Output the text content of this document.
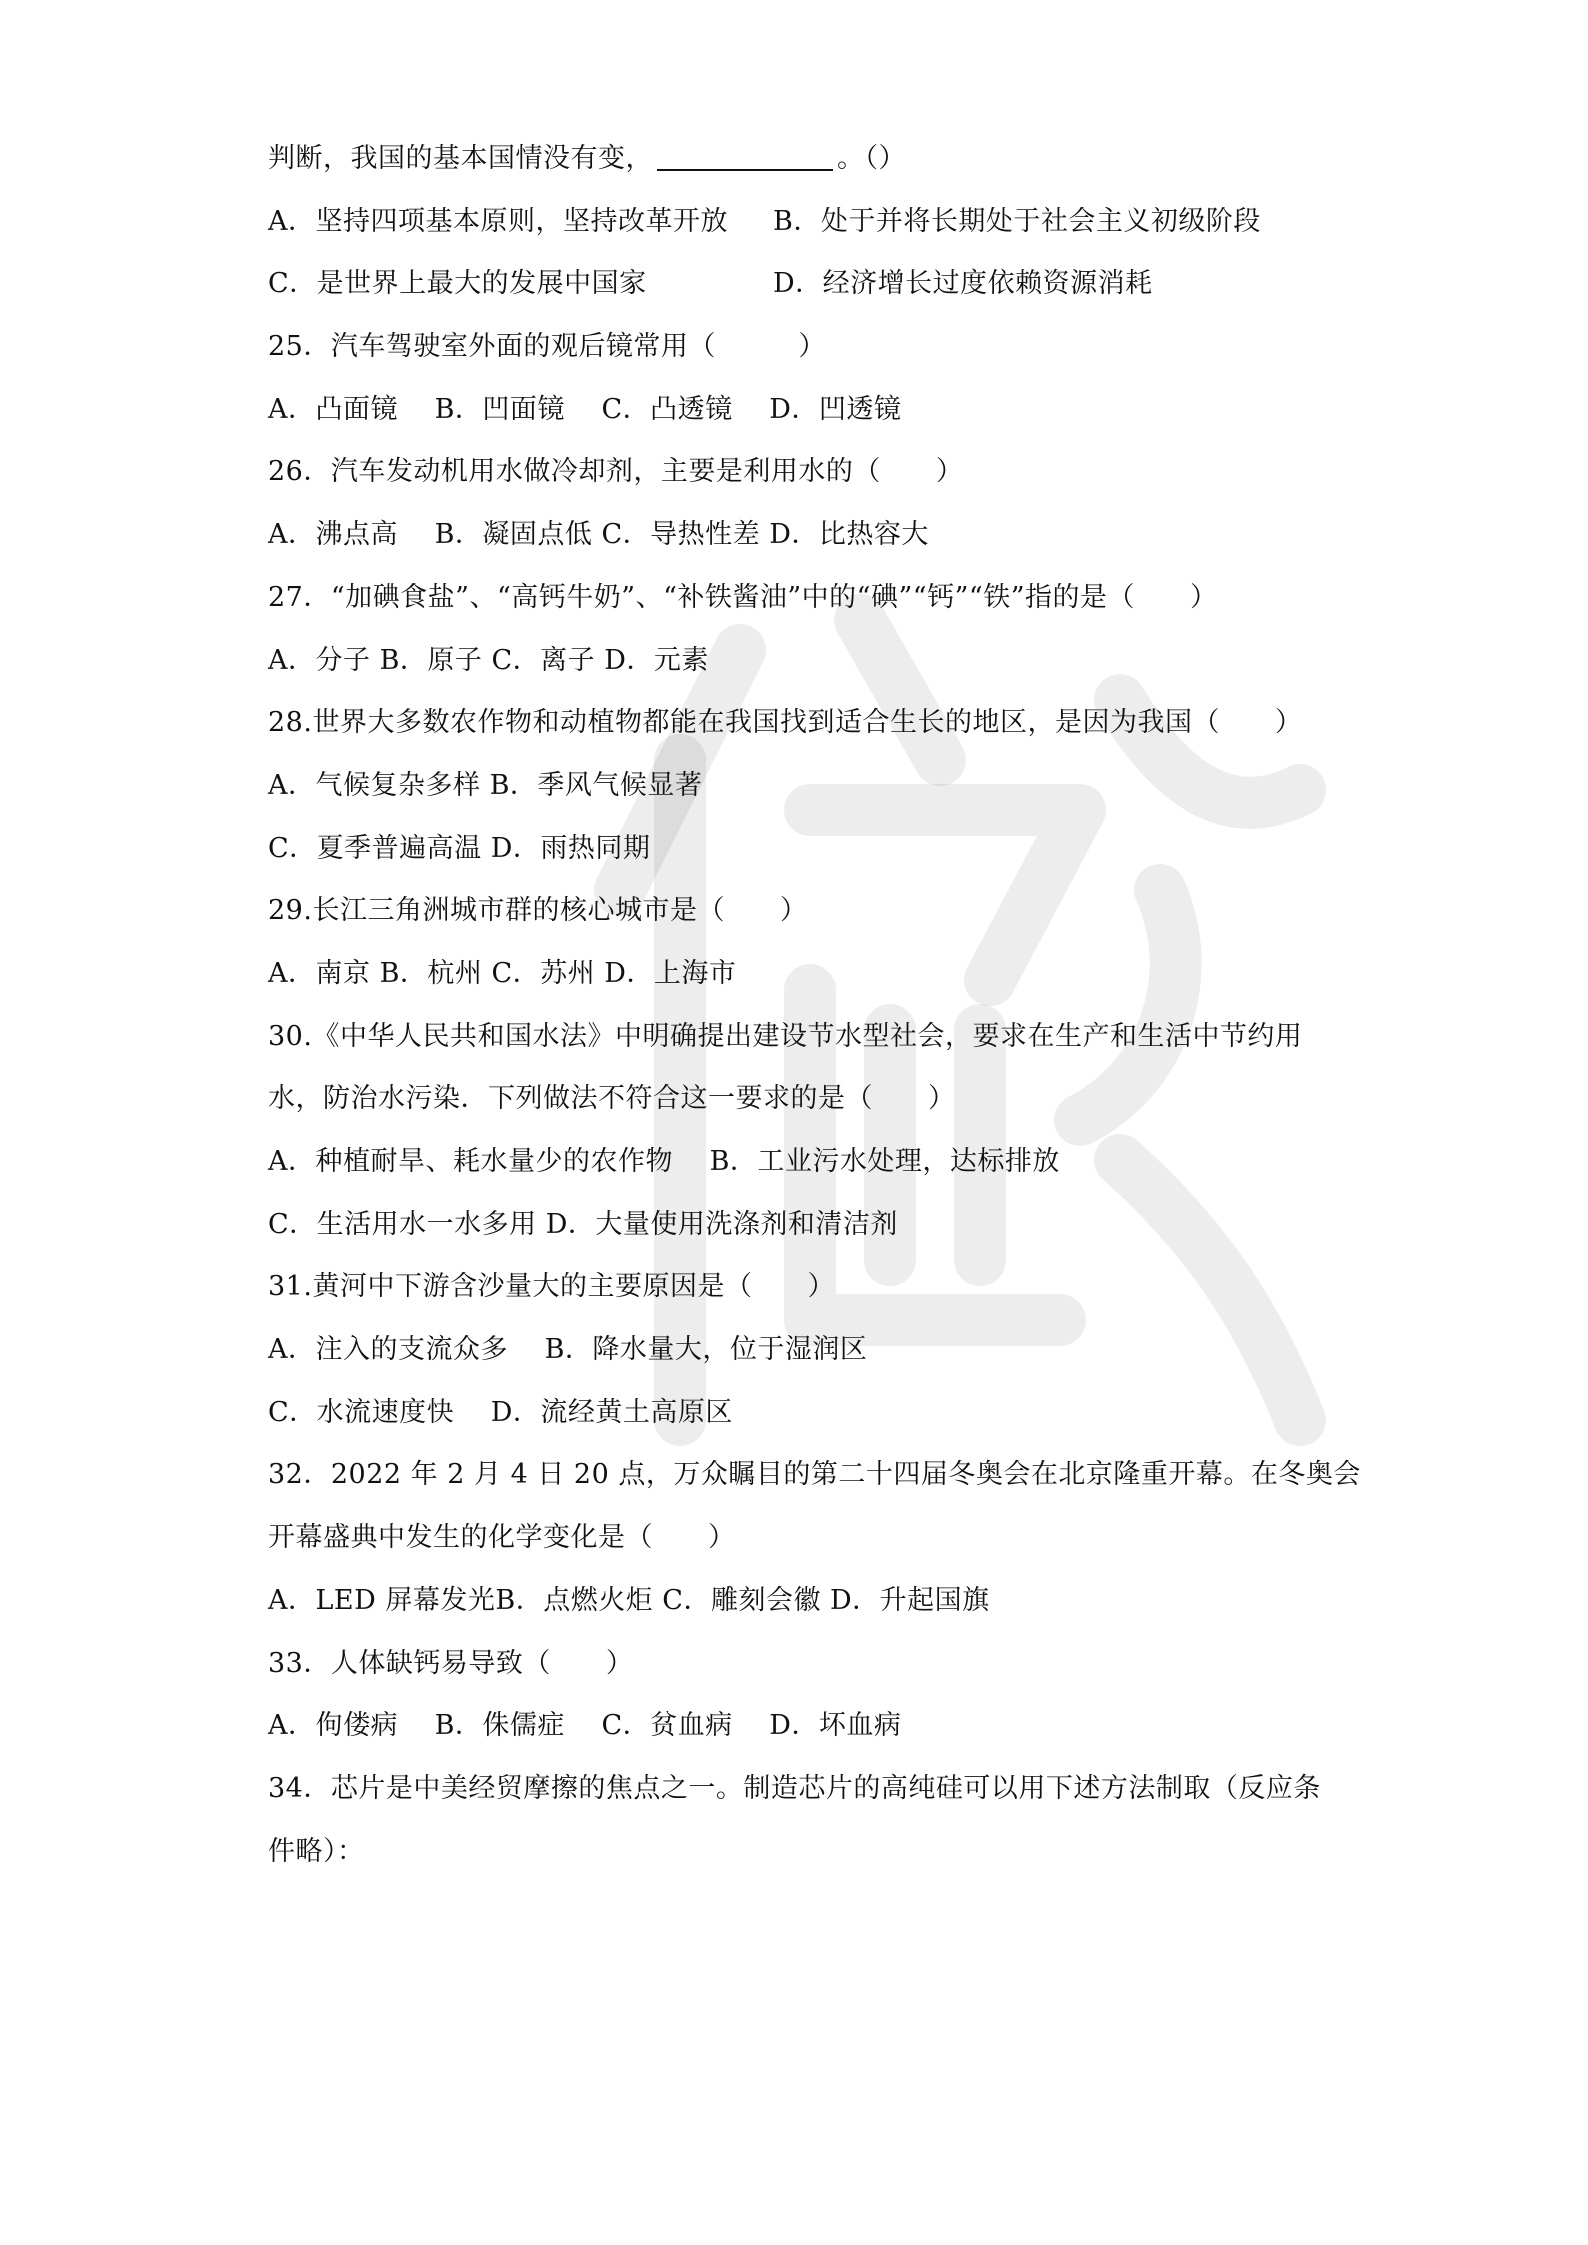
判断，我国的基本国情没有变，	。（）
A．坚持四项基本原则，坚持改革开放 B．处于并将长期处于社会主义初级阶段
C．是世界上最大的发展中国家	D．经济增长过度依赖资源消耗
25．汽车驾驶室外面的观后镜常用（　　　）
A．凸面镜　 B．凹面镜　 C．凸透镜　 D．凹透镜
26．汽车发动机用水做冷却剂，主要是利用水的（　　）
A．沸点高　 B．凝固点低 C．导热性差 D．比热容大
27．“加碘食盐”、“高钙牛奶”、“补铁酱油”中的“碘”“钙”“铁”指的是（　　）
A．分子 B．原子 C．离子 D．元素
28.世界大多数农作物和动植物都能在我国找到适合生长的地区，是因为我国（　　）
A．气候复杂多样 B．季风气候显著
C．夏季普遍高温 D．雨热同期
29.长江三角洲城市群的核心城市是（　　）
A．南京 B．杭州 C．苏州 D．上海市
30.《中华人民共和国水法》中明确提出建设节水型社会，要求在生产和生活中节约用
水，防治水污染．下列做法不符合这一要求的是（　　）
A．种植耐旱、耗水量少的农作物　 B．工业污水处理，达标排放
C．生活用水一水多用 D．大量使用洗涤剂和清洁剂
31.黄河中下游含沙量大的主要原因是（　　）
A．注入的支流众多　 B．降水量大，位于湿润区
C．水流速度快　 D．流经黄土高原区
32．2022 年 2 月 4 日 20 点，万众瞩目的第二十四届冬奥会在北京隆重开幕。在冬奥会
开幕盛典中发生的化学变化是（　　）
A．LED 屏幕发光B．点燃火炬 C．雕刻会徽 D．升起国旗
33．人体缺钙易导致（　　）
A．佝偻病　 B．侏儒症　 C．贫血病　 D．坏血病
34．芯片是中美经贸摩擦的焦点之一。制造芯片的高纯硅可以用下述方法制取（反应条
件略）：
